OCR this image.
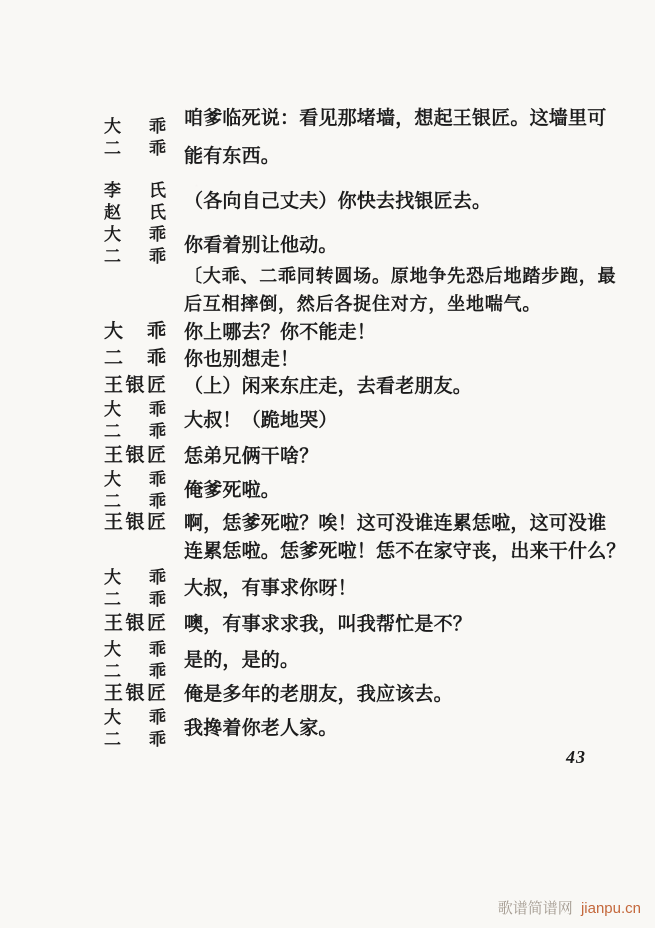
大乖
二乖
咱爹临死说：看见那堵墙，想起王银匠。这墙里可
能有东西。
李氏
赵氏
（各向自己丈夫）你快去找银匠去。
大乖
二乖
你看着别让他动。
〔大乖、二乖同转圆场。原地争先恐后地踏步跑，最
后互相摔倒，然后各捉住对方，坐地喘气。
大乖 你上哪去？你不能走！
二乖 你也别想走！
王银匠 （上）闲来东庄走，去看老朋友。
大乖
二乖
大叔！（跪地哭）
王银匠 恁弟兄俩干啥？
大乖
二乖
俺爹死啦。
王银匠 啊，恁爹死啦？唉！这可没谁连累恁啦，这可没谁
连累恁啦。恁爹死啦！恁不在家守丧，出来干什么？
大乖
二乖
大叔，有事求你呀！
王银匠 噢，有事求求我，叫我帮忙是不？
大乖
二乖
是的，是的。
王银匠 俺是多年的老朋友，我应该去。
大乖
二乖
我搀着你老人家。
43
歌谱简谱网 jianpu.cn
